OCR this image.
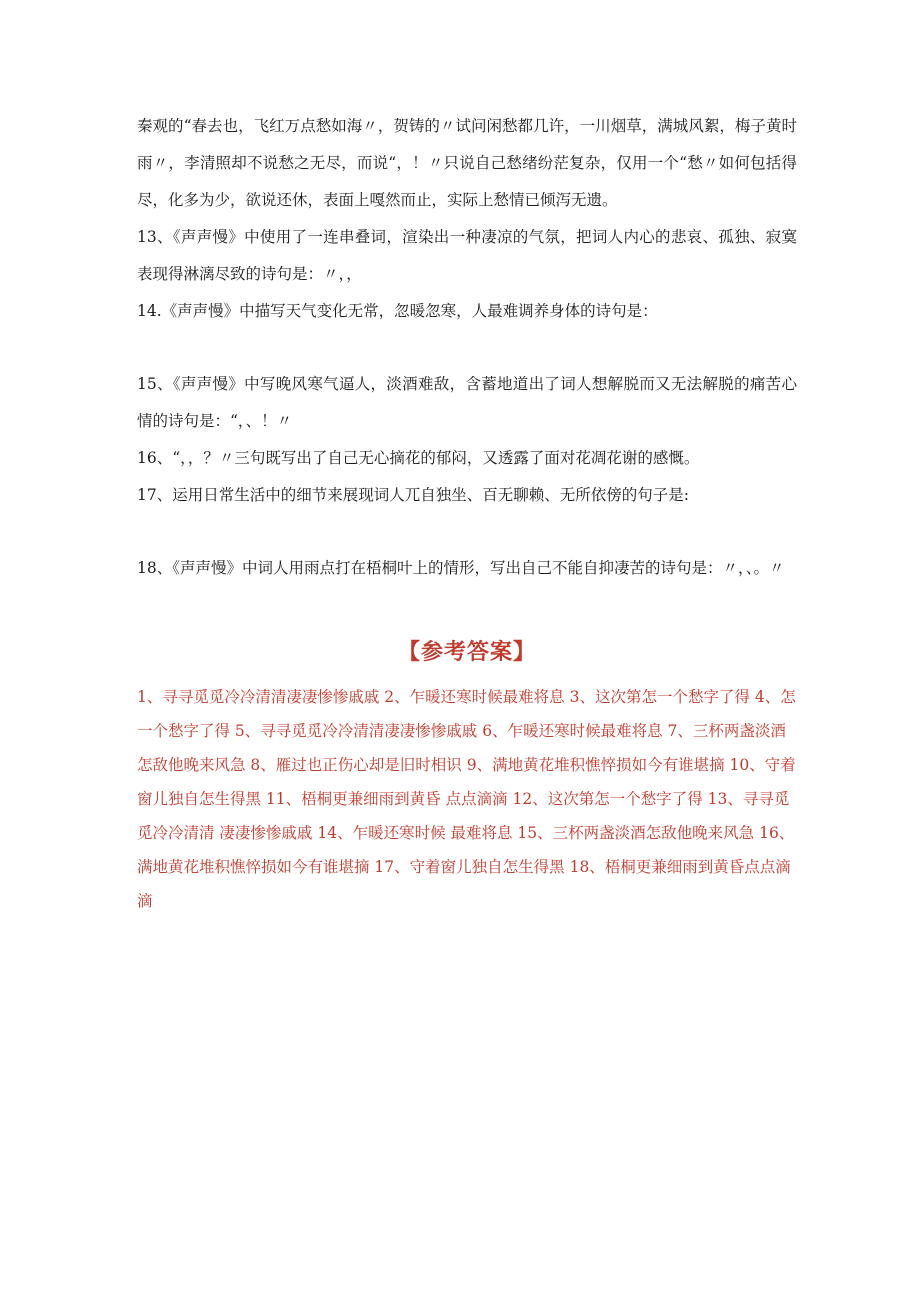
秦观的“春去也，飞红万点愁如海〃，贺铸的〃试问闲愁都几许，一川烟草，满城风絮，梅子黄时雨〃，李清照却不说愁之无尽，而说“，！〃只说自己愁绪纷茫复杂，仅用一个“愁〃如何包括得尽，化多为少，欲说还休，表面上嘎然而止，实际上愁情已倾泻无遗。

13、《声声慢》中使用了一连串叠词，渲染出一种凄凉的气氛，把词人内心的悲哀、孤独、寂寞表现得淋漓尽致的诗句是：〃，，

14.《声声慢》中描写天气变化无常，忽暖忽寒，人最难调养身体的诗句是：

15、《声声慢》中写晚风寒气逼人，淡酒难敌，含蓄地道出了词人想解脱而又无法解脱的痛苦心情的诗句是：“，、！〃

16、“，，？〃三句既写出了自己无心摘花的郁闷，又透露了面对花凋花谢的感慨。

17、运用日常生活中的细节来展现词人兀自独坐、百无聊赖、无所依傍的句子是:

18、《声声慢》中词人用雨点打在梧桐叶上的情形，写出自己不能自抑凄苦的诗句是：〃，、。〃

【参考答案】

1、寻寻觅觅冷冷清清凄凄惨惨戚戚 2、乍暖还寒时候最难将息 3、这次第怎一个愁字了得 4、怎一个愁字了得 5、寻寻觅觅冷冷清清凄凄惨惨戚戚 6、乍暖还寒时候最难将息 7、三杯两盏淡酒怎敌他晚来风急 8、雁过也正伤心却是旧时相识 9、满地黄花堆积憔悴损如今有谁堪摘 10、守着窗儿独自怎生得黑 11、梧桐更兼细雨到黄昏 点点滴滴 12、这次第怎一个愁字了得 13、寻寻觅觅冷冷清清 凄凄惨惨戚戚 14、乍暖还寒时候 最难将息 15、三杯两盏淡酒怎敌他晚来风急 16、满地黄花堆积憔悴损如今有谁堪摘 17、守着窗儿独自怎生得黑 18、梧桐更兼细雨到黄昏点点滴滴
